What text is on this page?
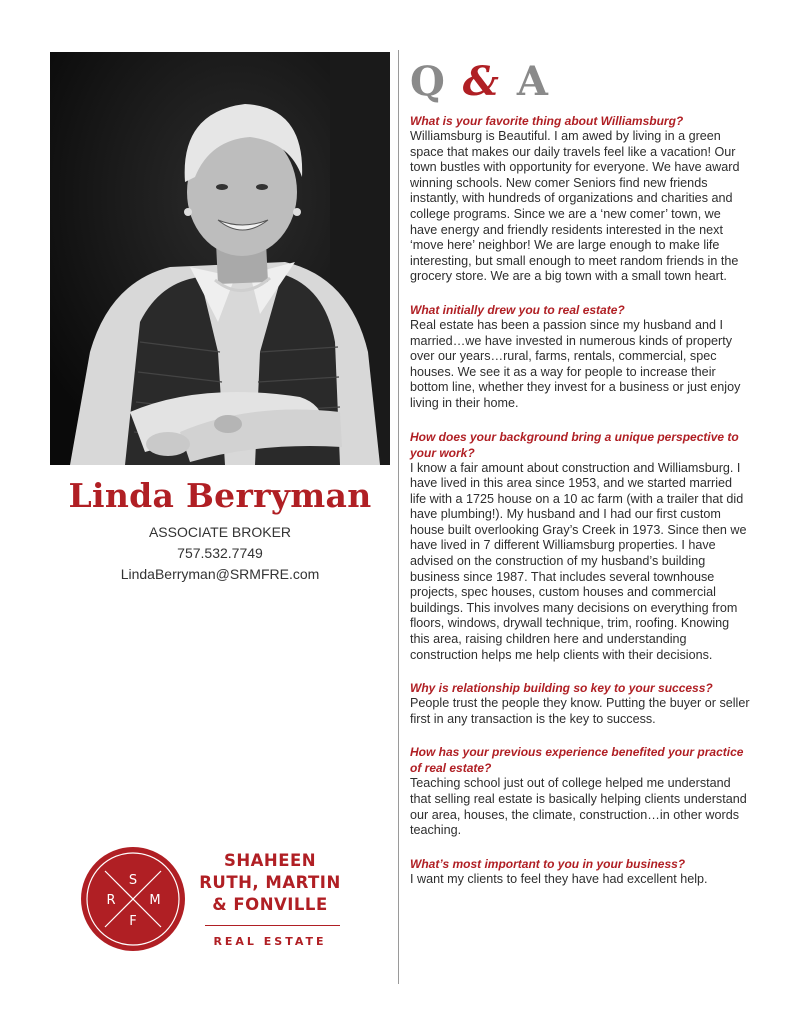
Linda Berryman
ASSOCIATE BROKER
757.532.7749
LindaBerryman@SRMFRE.com
Q & A
What is your favorite thing about Williamsburg?
Williamsburg is Beautiful. I am awed by living in a green space that makes our daily travels feel like a vacation! Our town bustles with opportunity for everyone. We have award winning schools. New comer Seniors find new friends instantly, with hundreds of organizations and charities and college programs. Since we are a ‘new comer’ town, we have energy and friendly residents interested in the next ‘move here’ neighbor! We are large enough to make life interesting, but small enough to meet random friends in the grocery store. We are a big town with a small town heart.
What initially drew you to real estate?
Real estate has been a passion since my husband and I married…we have invested in numerous kinds of property over our years…rural, farms, rentals, commercial, spec houses. We see it as a way for people to increase their bottom line, whether they invest for a business or just enjoy living in their home.
How does your background bring a unique perspective to your work?
I know a fair amount about construction and Williamsburg. I have lived in this area since 1953, and we started married life with a 1725 house on a 10 ac farm (with a trailer that did have plumbing!). My husband and I had our first custom house built overlooking Gray’s Creek in 1973. Since then we have lived in 7 different Williamsburg properties. I have advised on the construction of my husband’s building business since 1987. That includes several townhouse projects, spec houses, custom houses and commercial buildings. This involves many decisions on everything from floors, windows, drywall technique, trim, roofing. Knowing this area, raising children here and understanding construction helps me help clients with their decisions.
Why is relationship building so key to your success?
People trust the people they know. Putting the buyer or seller first in any transaction is the key to success.
How has your previous experience benefited your practice of real estate?
Teaching school just out of college helped me understand that selling real estate is basically helping clients understand our area, houses, the climate, construction…in other words teaching.
What’s most important to you in your business?
I want my clients to feel they have had excellent help.
S
R	M
F
SHAHEEN
RUTH, MARTIN
& FONVILLE
REAL ESTATE
